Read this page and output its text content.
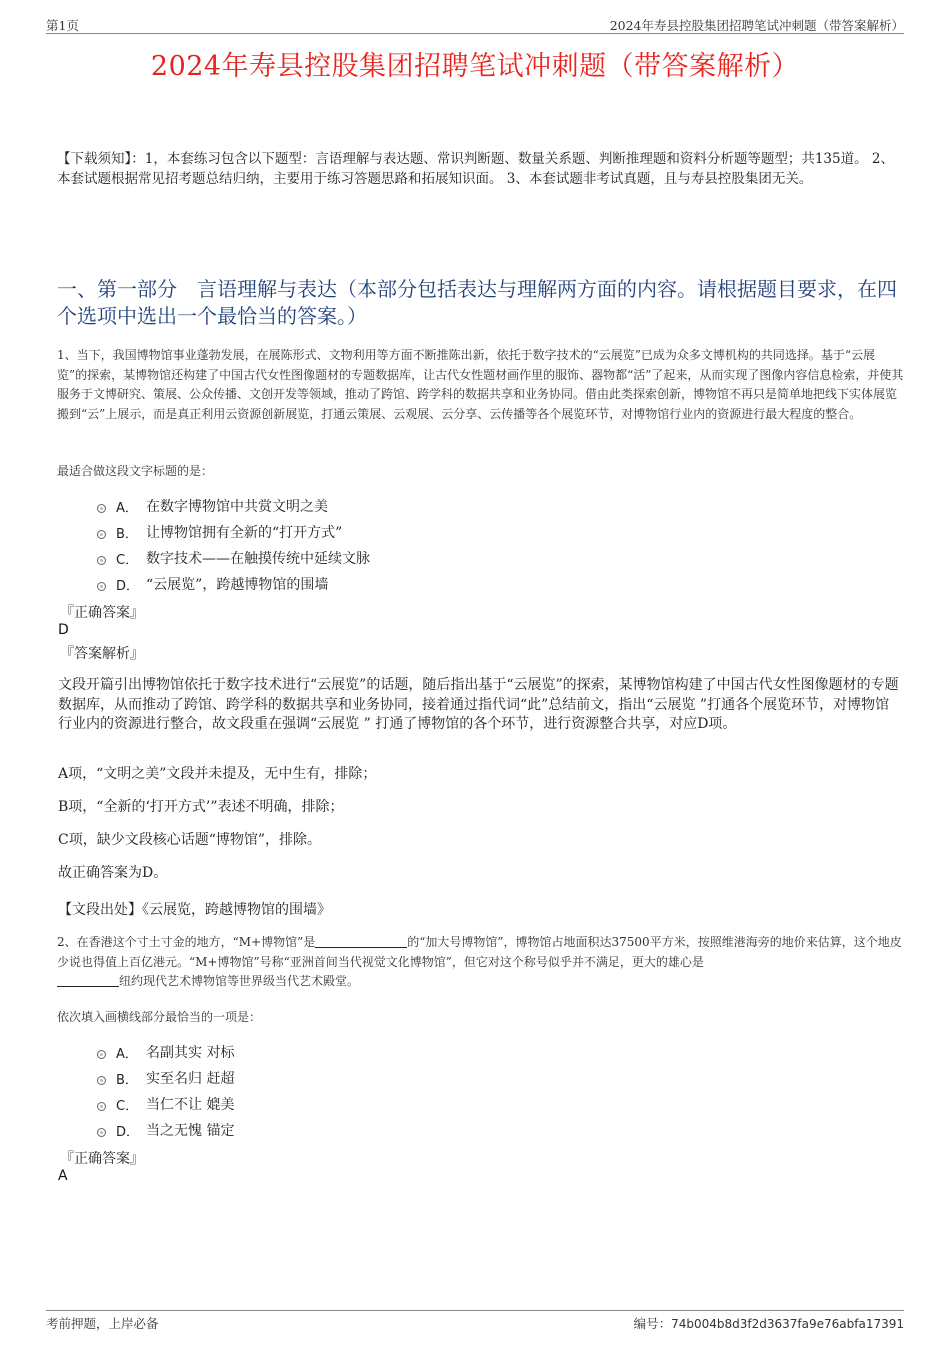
第1页	2024年寿县控股集团招聘笔试冲刺题（带答案解析）
2024年寿县控股集团招聘笔试冲刺题（带答案解析）
【下载须知】：1，本套练习包含以下题型：言语理解与表达题、常识判断题、数量关系题、判断推理题和资料分析题等题型；共135道。 2、本套试题根据常见招考题总结归纳，主要用于练习答题思路和拓展知识面。 3、本套试题非考试真题，且与寿县控股集团无关。
一、第一部分　言语理解与表达（本部分包括表达与理解两方面的内容。请根据题目要求，在四个选项中选出一个最恰当的答案。）
1、当下，我国博物馆事业蓬勃发展，在展陈形式、文物利用等方面不断推陈出新，依托于数字技术的“云展览”已成为众多文博机构的共同选择。基于“云展览”的探索，某博物馆还构建了中国古代女性图像题材的专题数据库，让古代女性题材画作里的服饰、器物都“活”了起来，从而实现了图像内容信息检索，并使其服务于文博研究、策展、公众传播、文创开发等领域，推动了跨馆、跨学科的数据共享和业务协同。借由此类探索创新，博物馆不再只是简单地把线下实体展览搬到“云”上展示，而是真正利用云资源创新展览，打通云策展、云观展、云分享、云传播等各个展览环节，对博物馆行业内的资源进行最大程度的整合。
最适合做这段文字标题的是：
A． 在数字博物馆中共赏文明之美
B． 让博物馆拥有全新的“打开方式”
C． 数字技术——在触摸传统中延续文脉
D． “云展览”，跨越博物馆的围墙
『正确答案』
D
『答案解析』
文段开篇引出博物馆依托于数字技术进行“云展览”的话题，随后指出基于“云展览”的探索，某博物馆构建了中国古代女性图像题材的专题数据库，从而推动了跨馆、跨学科的数据共享和业务协同，接着通过指代词“此”总结前文，指出“云展览 ”打通各个展览环节，对博物馆行业内的资源进行整合，故文段重在强调“云展览 ” 打通了博物馆的各个环节，进行资源整合共享，对应D项。
A项，“文明之美”文段并未提及，无中生有，排除；
B项，“全新的‘打开方式’”表述不明确，排除；
C项，缺少文段核心话题“博物馆”，排除。
故正确答案为D。
【文段出处】《云展览，跨越博物馆的围墙》
2、在香港这个寸土寸金的地方，“M+博物馆”是	的“加大号博物馆”，博物馆占地面积达37500平方米，按照维港海旁的地价来估算，这个地皮少说也得值上百亿港元。“M+博物馆”号称“亚洲首间当代视觉文化博物馆”，但它对这个称号似乎并不满足，更大的雄心是
纽约现代艺术博物馆等世界级当代艺术殿堂。
依次填入画横线部分最恰当的一项是：
A． 名副其实 对标
B． 实至名归 赶超
C． 当仁不让 媲美
D． 当之无愧 锚定
『正确答案』
A
考前押题，上岸必备	编号：74b004b8d3f2d3637fa9e76abfa17391
